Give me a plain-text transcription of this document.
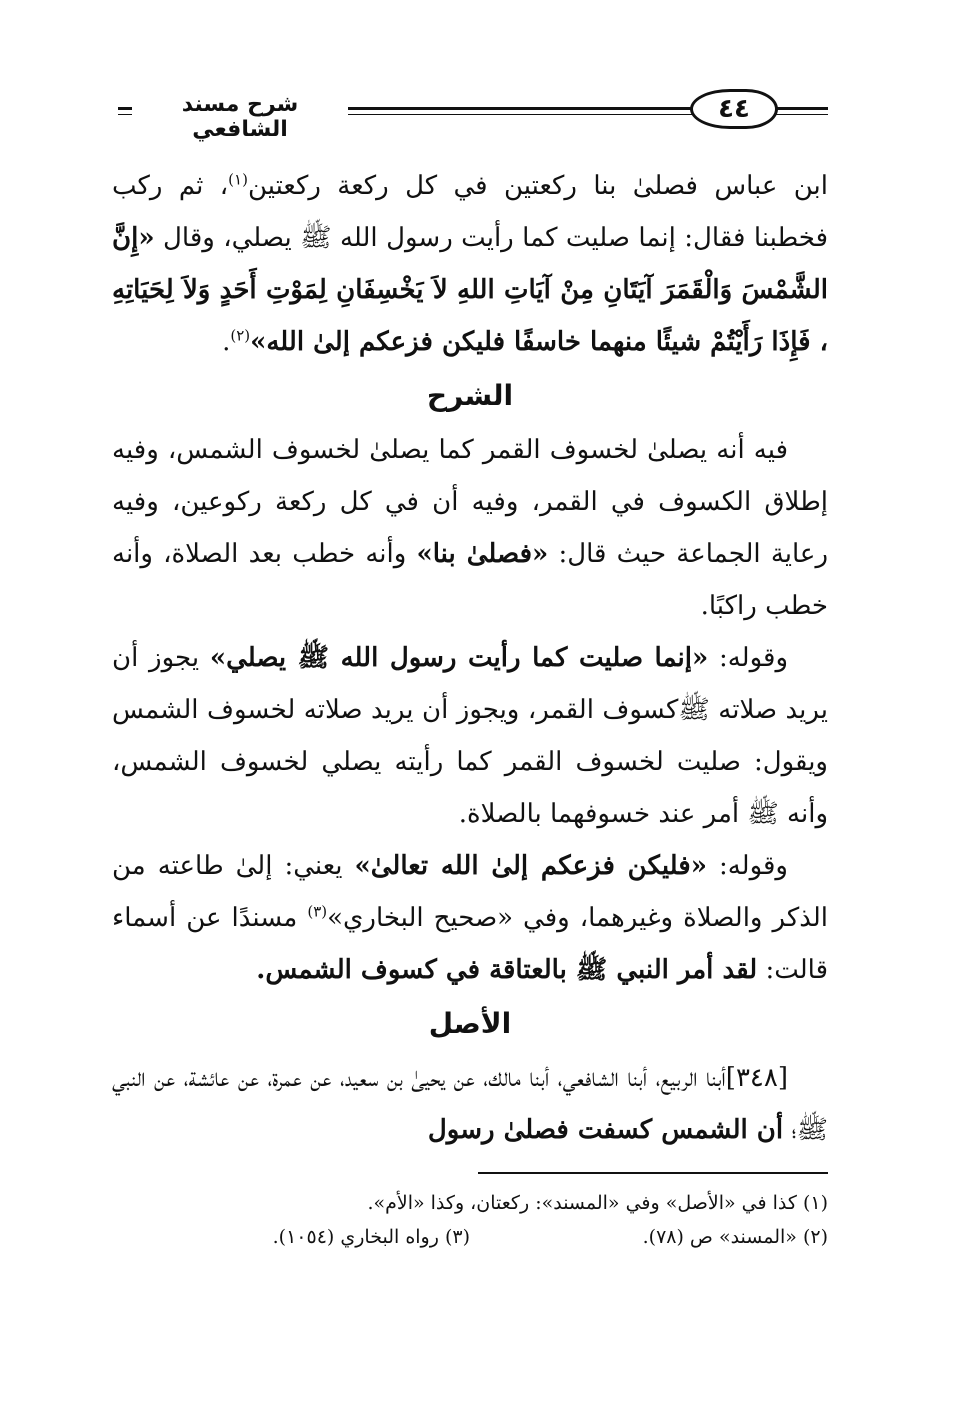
شرح مسند الشافعي
٤٤

ابن عباس فصلىٰ بنا ركعتين في كل ركعة ركعتين$^{(١)}$، ثم ركب فخطبنا فقال: إنما صليت كما رأيت رسول الله ﷺ يصلي، وقال «إِنَّ الشَّمْسَ وَالْقَمَرَ آيَتَانِ مِنْ آيَاتِ اللهِ لاَ يَخْسِفَانِ لِمَوْتِ أَحَدٍ وَلاَ لِحَيَاتِهِ ، فَإِذَا رَأَيْتُمْ شيئًا منهما خاسفًا فليكن فزعكم إلىٰ الله»$^{(٢)}$.

الشرح

فيه أنه يصلىٰ لخسوف القمر كما يصلىٰ لخسوف الشمس، وفيه إطلاق الكسوف في القمر، وفيه أن في كل ركعة ركوعين، وفيه رعاية الجماعة حيث قال: «فصلىٰ بنا» وأنه خطب بعد الصلاة، وأنه خطب راكبًا.

وقوله: «إنما صليت كما رأيت رسول الله ﷺ يصلي» يجوز أن يريد صلاته ﷺكسوف القمر، ويجوز أن يريد صلاته لخسوف الشمس ويقول: صليت لخسوف القمر كما رأيته يصلي لخسوف الشمس، وأنه ﷺ أمر عند خسوفهما بالصلاة.

وقوله: «فليكن فزعكم إلىٰ الله تعالىٰ» يعني: إلىٰ طاعته من الذكر والصلاة وغيرهما، وفي «صحيح البخاري»$^{(٣)}$ مسندًا عن أسماء قالت: لقد أمر النبي ﷺ بالعتاقة في كسوف الشمس.

الأصل

[٣٤٨]أبنا الربيع، أبنا الشافعي، أبنا مالك، عن يحيىٰ بن سعيد، عن عمرة، عن عائشة، عن النبي ﷺ؛ أن الشمس كسفت فصلىٰ رسول

(١) كذا في «الأصل» وفي «المسند»: ركعتان، وكذا «الأم».
(٢) «المسند» ص (٧٨).
(٣) رواه البخاري (١٠٥٤).
